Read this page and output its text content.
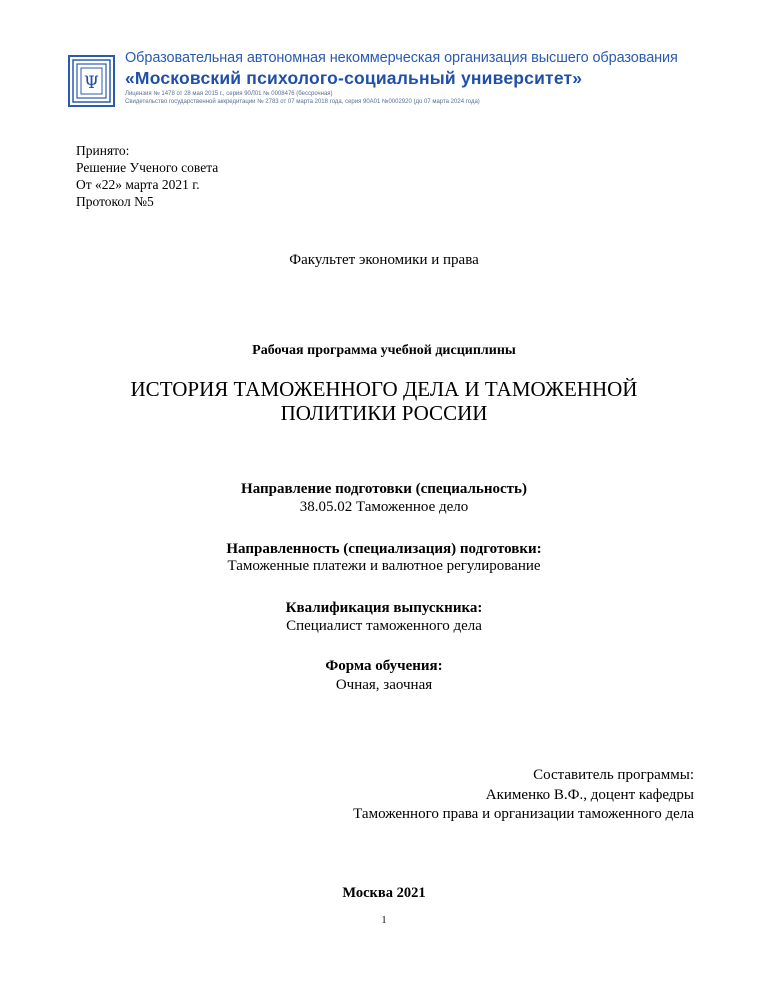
Ψ
Образовательная автономная некоммерческая организация высшего образования
«Московский психолого-социальный университет»
Лицензия № 1478 от 28 мая 2015 г., серия 90Л01 № 0008476 (бессрочная)
Свидетельство государственной аккредитации № 2783 от 07 марта 2018 года, серия 90А01 №0002920 (до 07 марта 2024 года)
Принято:
Решение Ученого совета
От «22» марта 2021 г.
Протокол №5
Факультет экономики и права
Рабочая программа учебной дисциплины
ИСТОРИЯ ТАМОЖЕННОГО ДЕЛА И ТАМОЖЕННОЙ
ПОЛИТИКИ РОССИИ
Направление подготовки (специальность)
38.05.02 Таможенное дело
Направленность (специализация) подготовки:
Таможенные платежи и валютное регулирование
Квалификация выпускника:
Специалист таможенного дела
Форма обучения:
Очная, заочная
Составитель программы:
Акименко В.Ф., доцент кафедры
Таможенного права и организации таможенного дела
Москва 2021
1
